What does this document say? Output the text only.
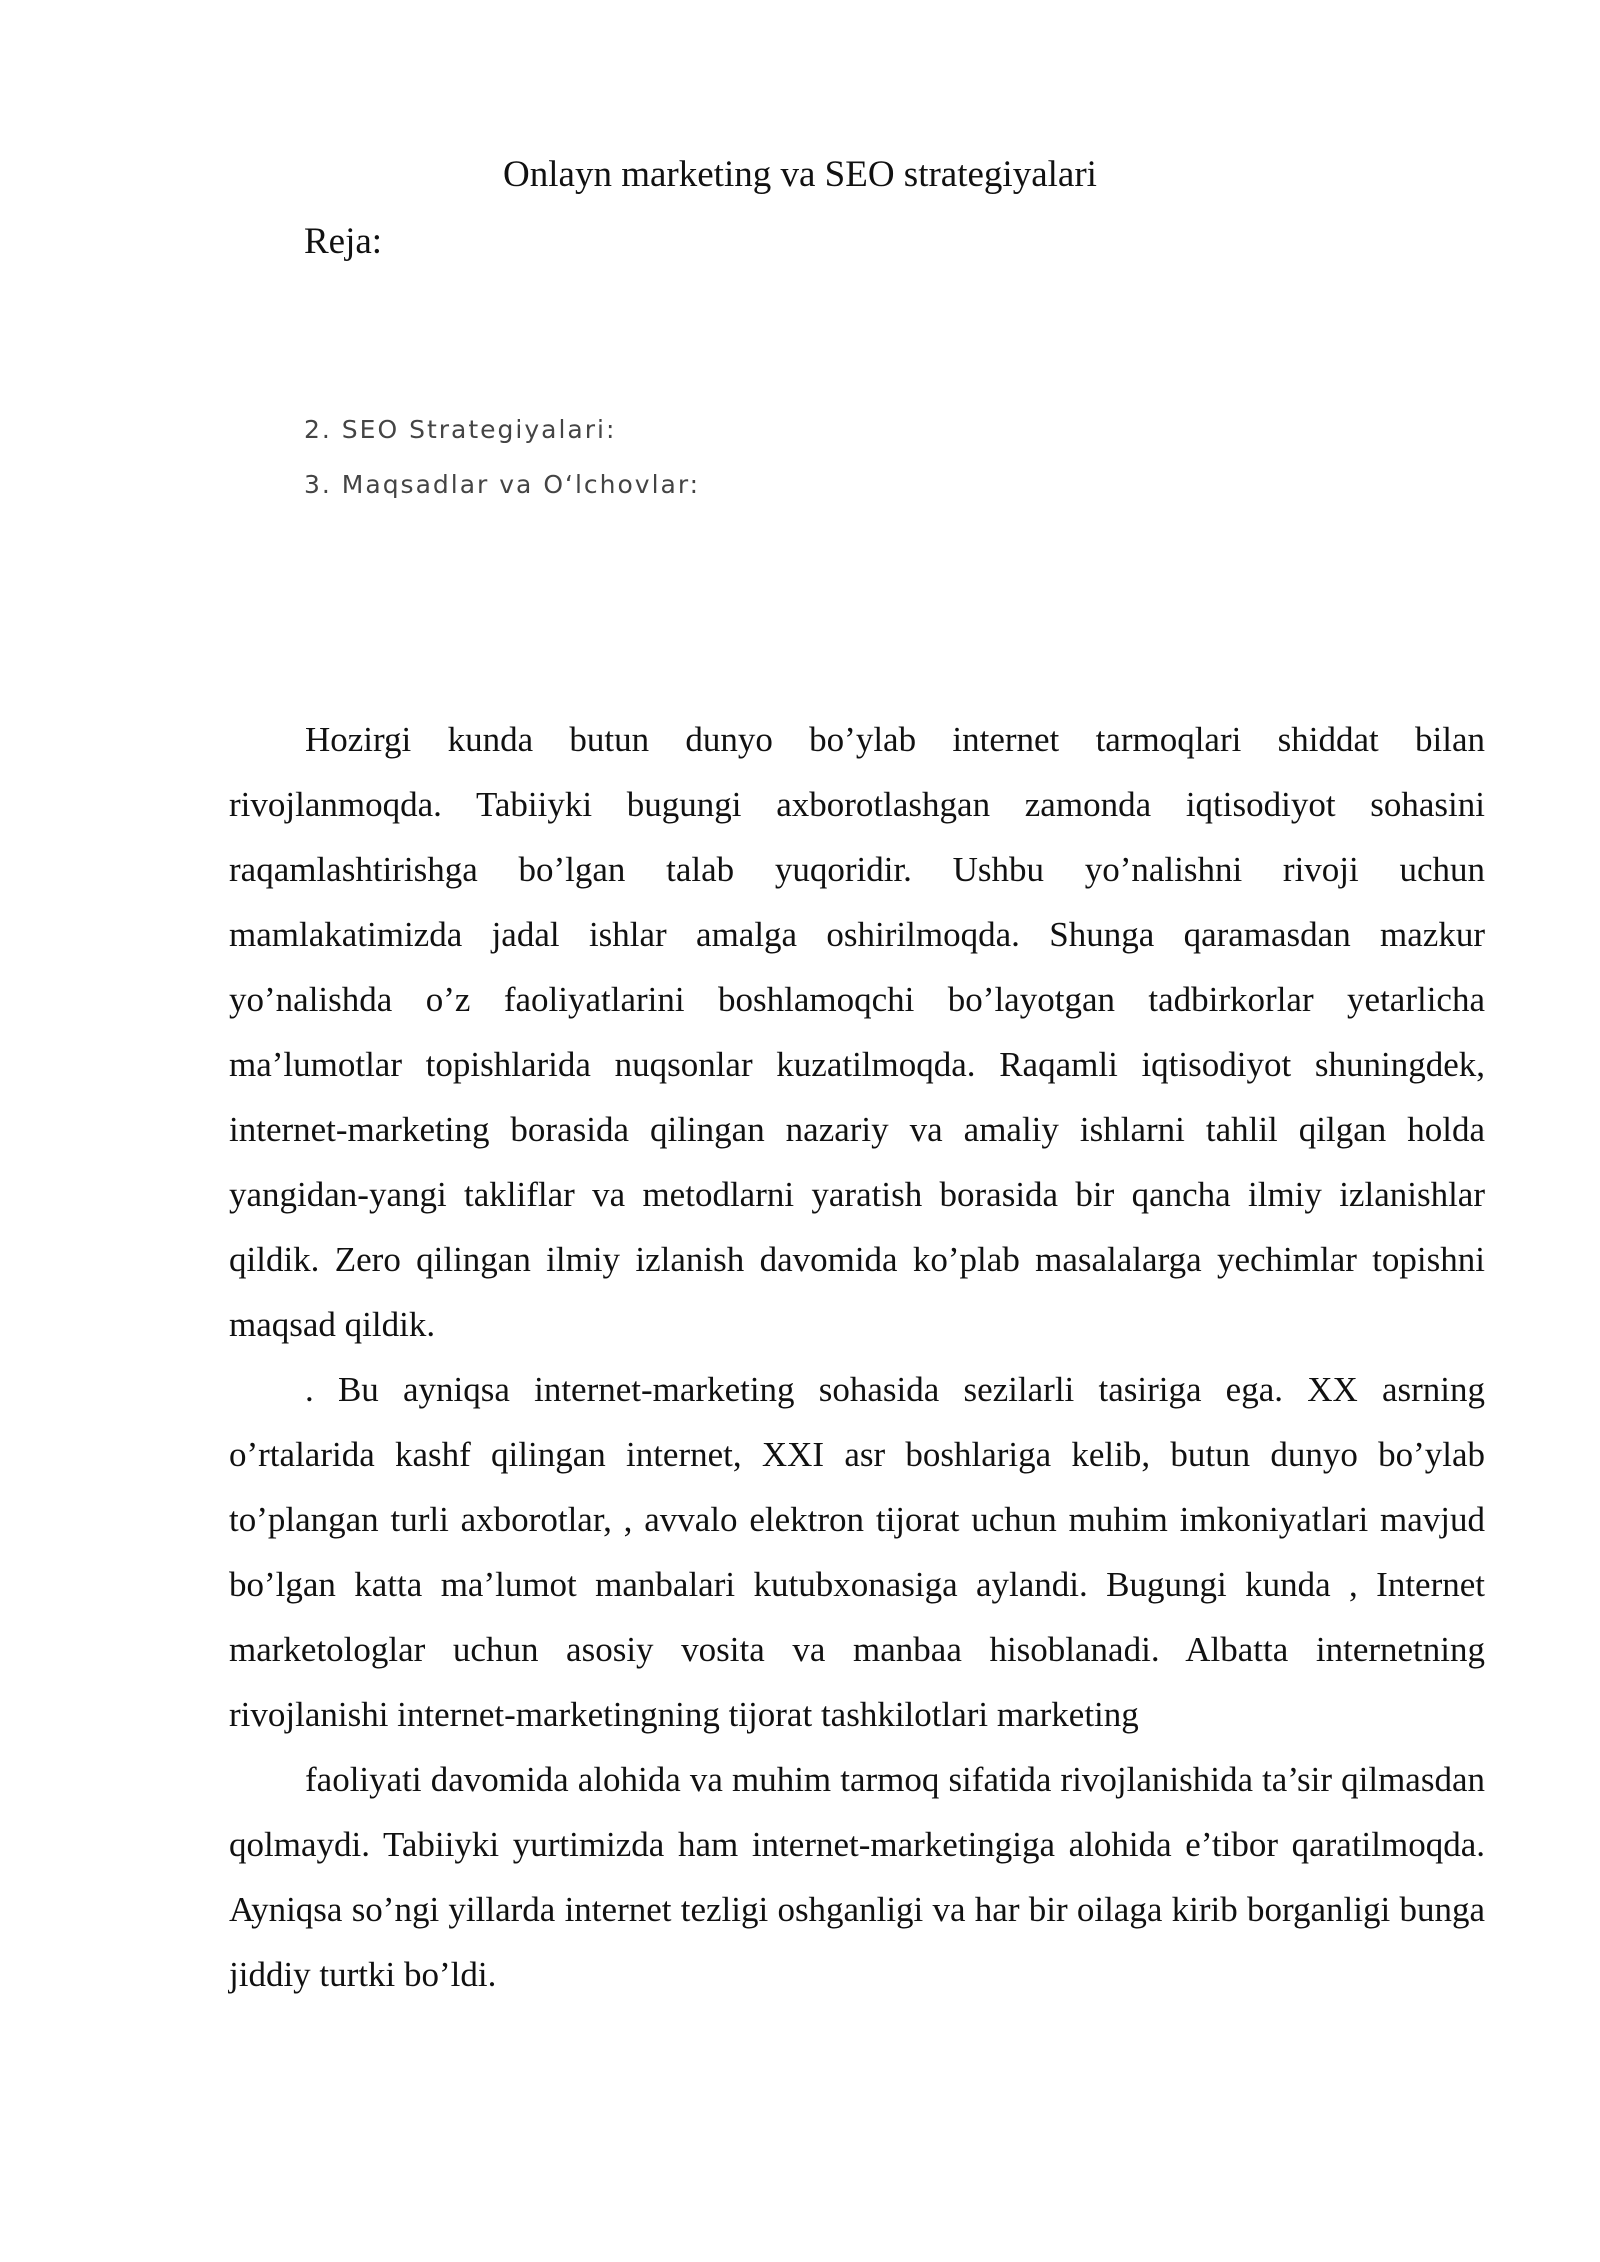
Onlayn marketing va SEO strategiyalari
Reja:
2. SEO Strategiyalari:
3. Maqsadlar va O‘lchovlar:

Hozirgi kunda butun dunyo bo’ylab internet tarmoqlari shiddat bilan rivojlanmoqda. Tabiiyki bugungi axborotlashgan zamonda iqtisodiyot sohasini raqamlashtirishga bo’lgan talab yuqoridir. Ushbu yo’nalishni rivoji uchun mamlakatimizda jadal ishlar amalga oshirilmoqda. Shunga qaramasdan mazkur yo’nalishda o’z faoliyatlarini boshlamoqchi bo’layotgan tadbirkorlar yetarlicha ma’lumotlar topishlarida nuqsonlar kuzatilmoqda. Raqamli iqtisodiyot shuningdek, internet-marketing borasida qilingan nazariy va amaliy ishlarni tahlil qilgan holda yangidan-yangi takliflar va metodlarni yaratish borasida bir qancha ilmiy izlanishlar qildik. Zero qilingan ilmiy izlanish davomida ko’plab masalalarga yechimlar topishni maqsad qildik.

. Bu ayniqsa internet-marketing sohasida sezilarli tasiriga ega. XX asrning o’rtalarida kashf qilingan internet, XXI asr boshlariga kelib, butun dunyo bo’ylab to’plangan turli axborotlar, , avvalo elektron tijorat uchun muhim imkoniyatlari mavjud bo’lgan katta ma’lumot manbalari kutubxonasiga aylandi. Bugungi kunda , Internet marketologlar uchun asosiy vosita va manbaa hisoblanadi. Albatta internetning rivojlanishi internet-marketingning tijorat tashkilotlari marketing

faoliyati davomida alohida va muhim tarmoq sifatida rivojlanishida ta’sir qilmasdan qolmaydi. Tabiiyki yurtimizda ham internet-marketingiga alohida e’tibor qaratilmoqda. Ayniqsa so’ngi yillarda internet tezligi oshganligi va har bir oilaga kirib borganligi bunga jiddiy turtki bo’ldi.
